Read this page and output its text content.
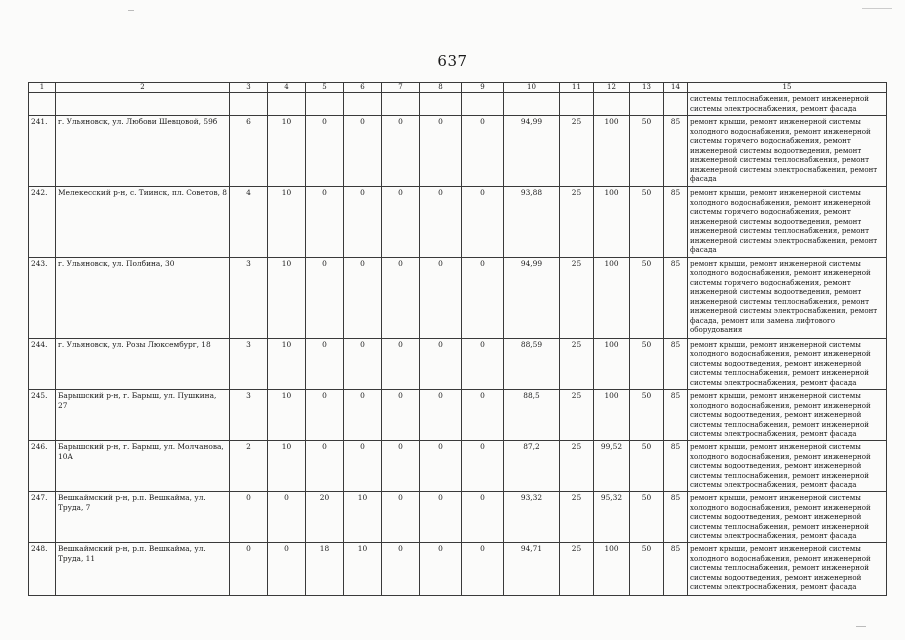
637
1	2	3	4	5	6	7	8	9	10	11	12	13	14	15
														системы теплоснабжения, ремонт инженерной системы электроснабжения, ремонт фасада
241.	г. Ульяновск, ул. Любови Шевцовой, 59б	6	10	0	0	0	0	0	94,99	25	100	50	85	ремонт крыши, ремонт инженерной системы холодного водоснабжения, ремонт инженерной системы горячего водоснабжения, ремонт инженерной системы водоотведения, ремонт инженерной системы теплоснабжения, ремонт инженерной системы электроснабжения, ремонт фасада
242.	Мелекесский р-н, с. Тиинск, пл. Советов, 8	4	10	0	0	0	0	0	93,88	25	100	50	85	ремонт крыши, ремонт инженерной системы холодного водоснабжения, ремонт инженерной системы горячего водоснабжения, ремонт инженерной системы водоотведения, ремонт инженерной системы теплоснабжения, ремонт инженерной системы электроснабжения, ремонт фасада
243.	г. Ульяновск, ул. Полбина, 30	3	10	0	0	0	0	0	94,99	25	100	50	85	ремонт крыши, ремонт инженерной системы холодного водоснабжения, ремонт инженерной системы горячего водоснабжения, ремонт инженерной системы водоотведения, ремонт инженерной системы теплоснабжения, ремонт инженерной системы электроснабжения, ремонт фасада, ремонт или замена лифтового оборудования
244.	г. Ульяновск, ул. Розы Люксембург, 18	3	10	0	0	0	0	0	88,59	25	100	50	85	ремонт крыши, ремонт инженерной системы холодного водоснабжения, ремонт инженерной системы водоотведения, ремонт инженерной системы теплоснабжения, ремонт инженерной системы электроснабжения, ремонт фасада
245.	Барышский р-н, г. Барыш, ул. Пушкина, 27	3	10	0	0	0	0	0	88,5	25	100	50	85	ремонт крыши, ремонт инженерной системы холодного водоснабжения, ремонт инженерной системы водоотведения, ремонт инженерной системы теплоснабжения, ремонт инженерной системы электроснабжения, ремонт фасада
246.	Барышский р-н, г. Барыш, ул. Молчанова, 10А	2	10	0	0	0	0	0	87,2	25	99,52	50	85	ремонт крыши, ремонт инженерной системы холодного водоснабжения, ремонт инженерной системы водоотведения, ремонт инженерной системы теплоснабжения, ремонт инженерной системы электроснабжения, ремонт фасада
247.	Вешкаймский р-н, р.п. Вешкайма, ул. Труда, 7	0	0	20	10	0	0	0	93,32	25	95,32	50	85	ремонт крыши, ремонт инженерной системы холодного водоснабжения, ремонт инженерной системы водоотведения, ремонт инженерной системы теплоснабжения, ремонт инженерной системы электроснабжения, ремонт фасада
248.	Вешкаймский р-н, р.п. Вешкайма, ул. Труда, 11	0	0	18	10	0	0	0	94,71	25	100	50	85	ремонт крыши, ремонт инженерной системы холодного водоснабжения, ремонт инженерной системы теплоснабжения, ремонт инженерной системы водоотведения, ремонт инженерной системы электроснабжения, ремонт фасада
